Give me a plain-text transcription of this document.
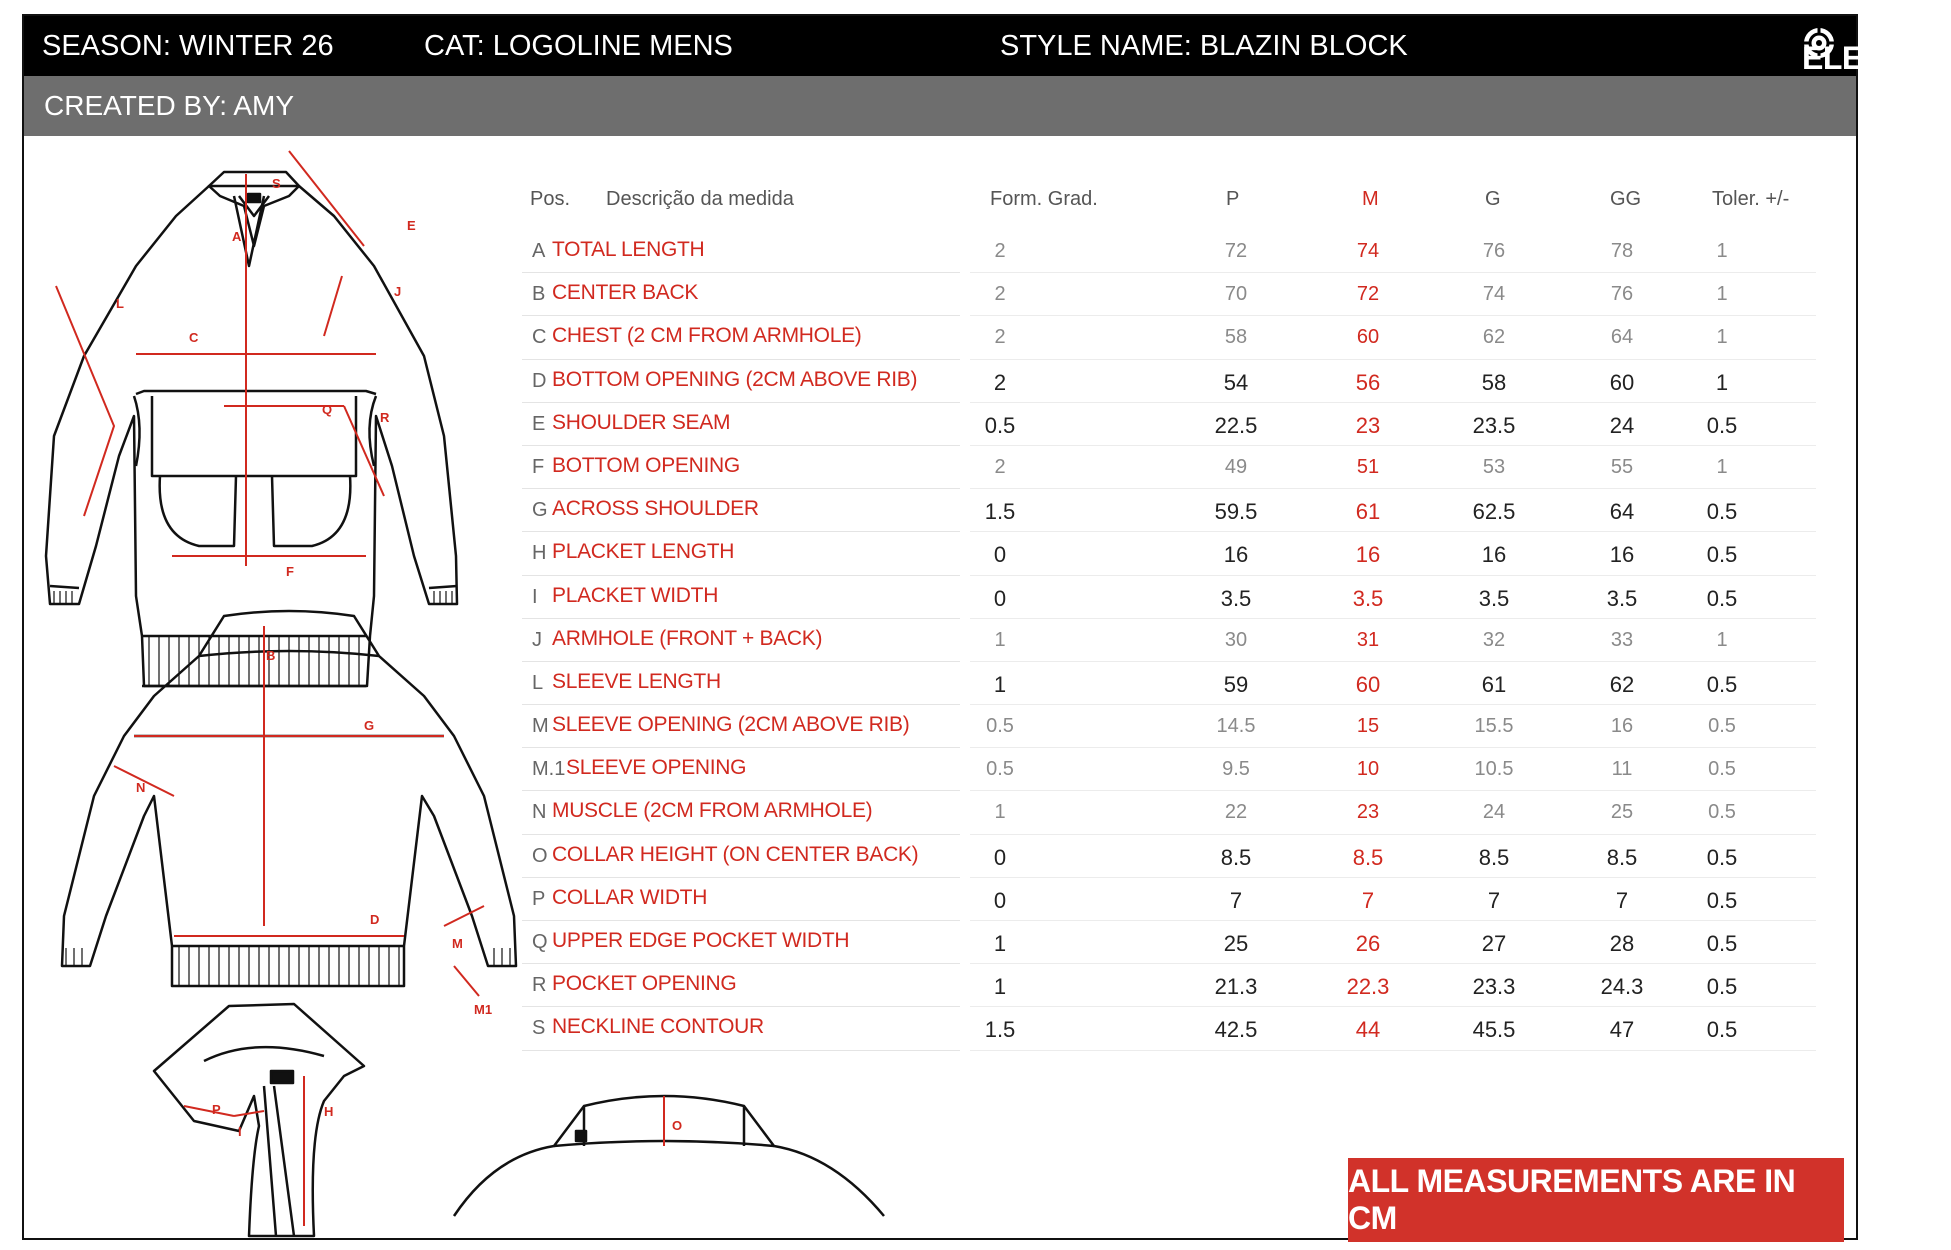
SEASON: WINTER 26	CAT: LOGOLINE MENS	STYLE NAME: BLAZIN BLOCK	ELEMENT
CREATED BY: AMY
S
A
E
J
L
C
Q
R
F
B
G
N
D
M
M1
P
I
H
O
Pos. Descrição da medida	Form. Grad.	P	M	G	GG	Toler. +/-
A TOTAL LENGTH	2	72	74	76	78	1
B CENTER BACK	2	70	72	74	76	1
C CHEST (2 CM FROM ARMHOLE)	2	58	60	62	64	1
D BOTTOM OPENING (2CM ABOVE RIB)	2	54	56	58	60	1
E SHOULDER SEAM	0.5	22.5	23	23.5	24	0.5
F BOTTOM OPENING	2	49	51	53	55	1
G ACROSS SHOULDER	1.5	59.5	61	62.5	64	0.5
H PLACKET LENGTH	0	16	16	16	16	0.5
I PLACKET WIDTH	0	3.5	3.5	3.5	3.5	0.5
J ARMHOLE (FRONT + BACK)	1	30	31	32	33	1
L SLEEVE LENGTH	1	59	60	61	62	0.5
M SLEEVE OPENING (2CM ABOVE RIB)	0.5	14.5	15	15.5	16	0.5
M.1 SLEEVE OPENING	0.5	9.5	10	10.5	11	0.5
N MUSCLE (2CM FROM ARMHOLE)	1	22	23	24	25	0.5
O COLLAR HEIGHT (ON CENTER BACK)	0	8.5	8.5	8.5	8.5	0.5
P COLLAR WIDTH	0	7	7	7	7	0.5
Q UPPER EDGE POCKET WIDTH	1	25	26	27	28	0.5
R POCKET OPENING	1	21.3	22.3	23.3	24.3	0.5
S NECKLINE CONTOUR	1.5	42.5	44	45.5	47	0.5
ALL MEASUREMENTS ARE IN CM
